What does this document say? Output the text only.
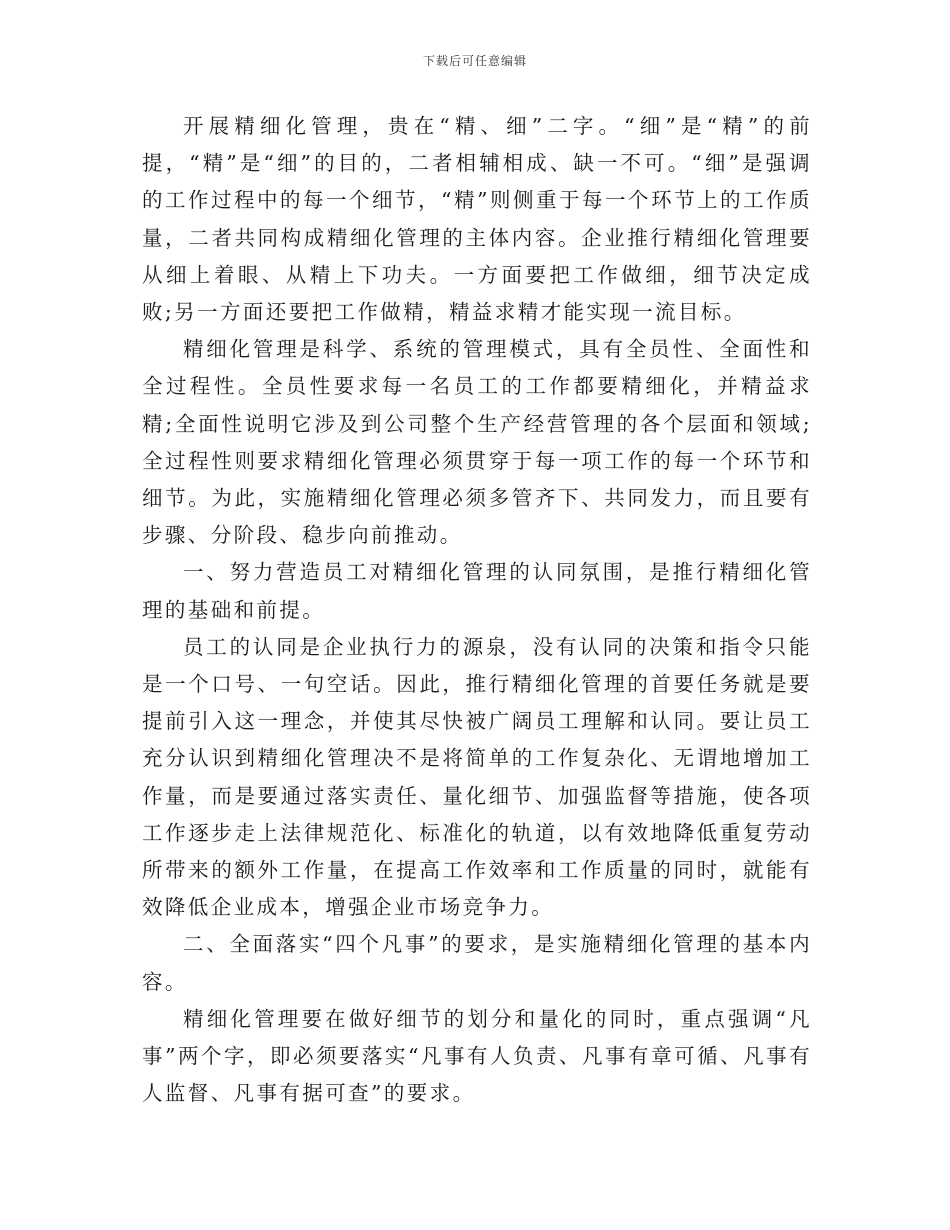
下载后可任意编辑

开展精细化管理，贵在“精、细”二字。“细”是“精”的前提，“精”是“细”的目的，二者相辅相成、缺一不可。“细”是强调的工作过程中的每一个细节，“精”则侧重于每一个环节上的工作质量，二者共同构成精细化管理的主体内容。企业推行精细化管理要从细上着眼、从精上下功夫。一方面要把工作做细，细节决定成败;另一方面还要把工作做精，精益求精才能实现一流目标。

精细化管理是科学、系统的管理模式，具有全员性、全面性和全过程性。全员性要求每一名员工的工作都要精细化，并精益求精;全面性说明它涉及到公司整个生产经营管理的各个层面和领域;全过程性则要求精细化管理必须贯穿于每一项工作的每一个环节和细节。为此，实施精细化管理必须多管齐下、共同发力，而且要有步骤、分阶段、稳步向前推动。

一、努力营造员工对精细化管理的认同氛围，是推行精细化管理的基础和前提。

员工的认同是企业执行力的源泉，没有认同的决策和指令只能是一个口号、一句空话。因此，推行精细化管理的首要任务就是要提前引入这一理念，并使其尽快被广阔员工理解和认同。要让员工充分认识到精细化管理决不是将简单的工作复杂化、无谓地增加工作量，而是要通过落实责任、量化细节、加强监督等措施，使各项工作逐步走上法律规范化、标准化的轨道，以有效地降低重复劳动所带来的额外工作量，在提高工作效率和工作质量的同时，就能有效降低企业成本，增强企业市场竞争力。

二、全面落实“四个凡事”的要求，是实施精细化管理的基本内容。

精细化管理要在做好细节的划分和量化的同时，重点强调“凡事”两个字，即必须要落实“凡事有人负责、凡事有章可循、凡事有人监督、凡事有据可查”的要求。
